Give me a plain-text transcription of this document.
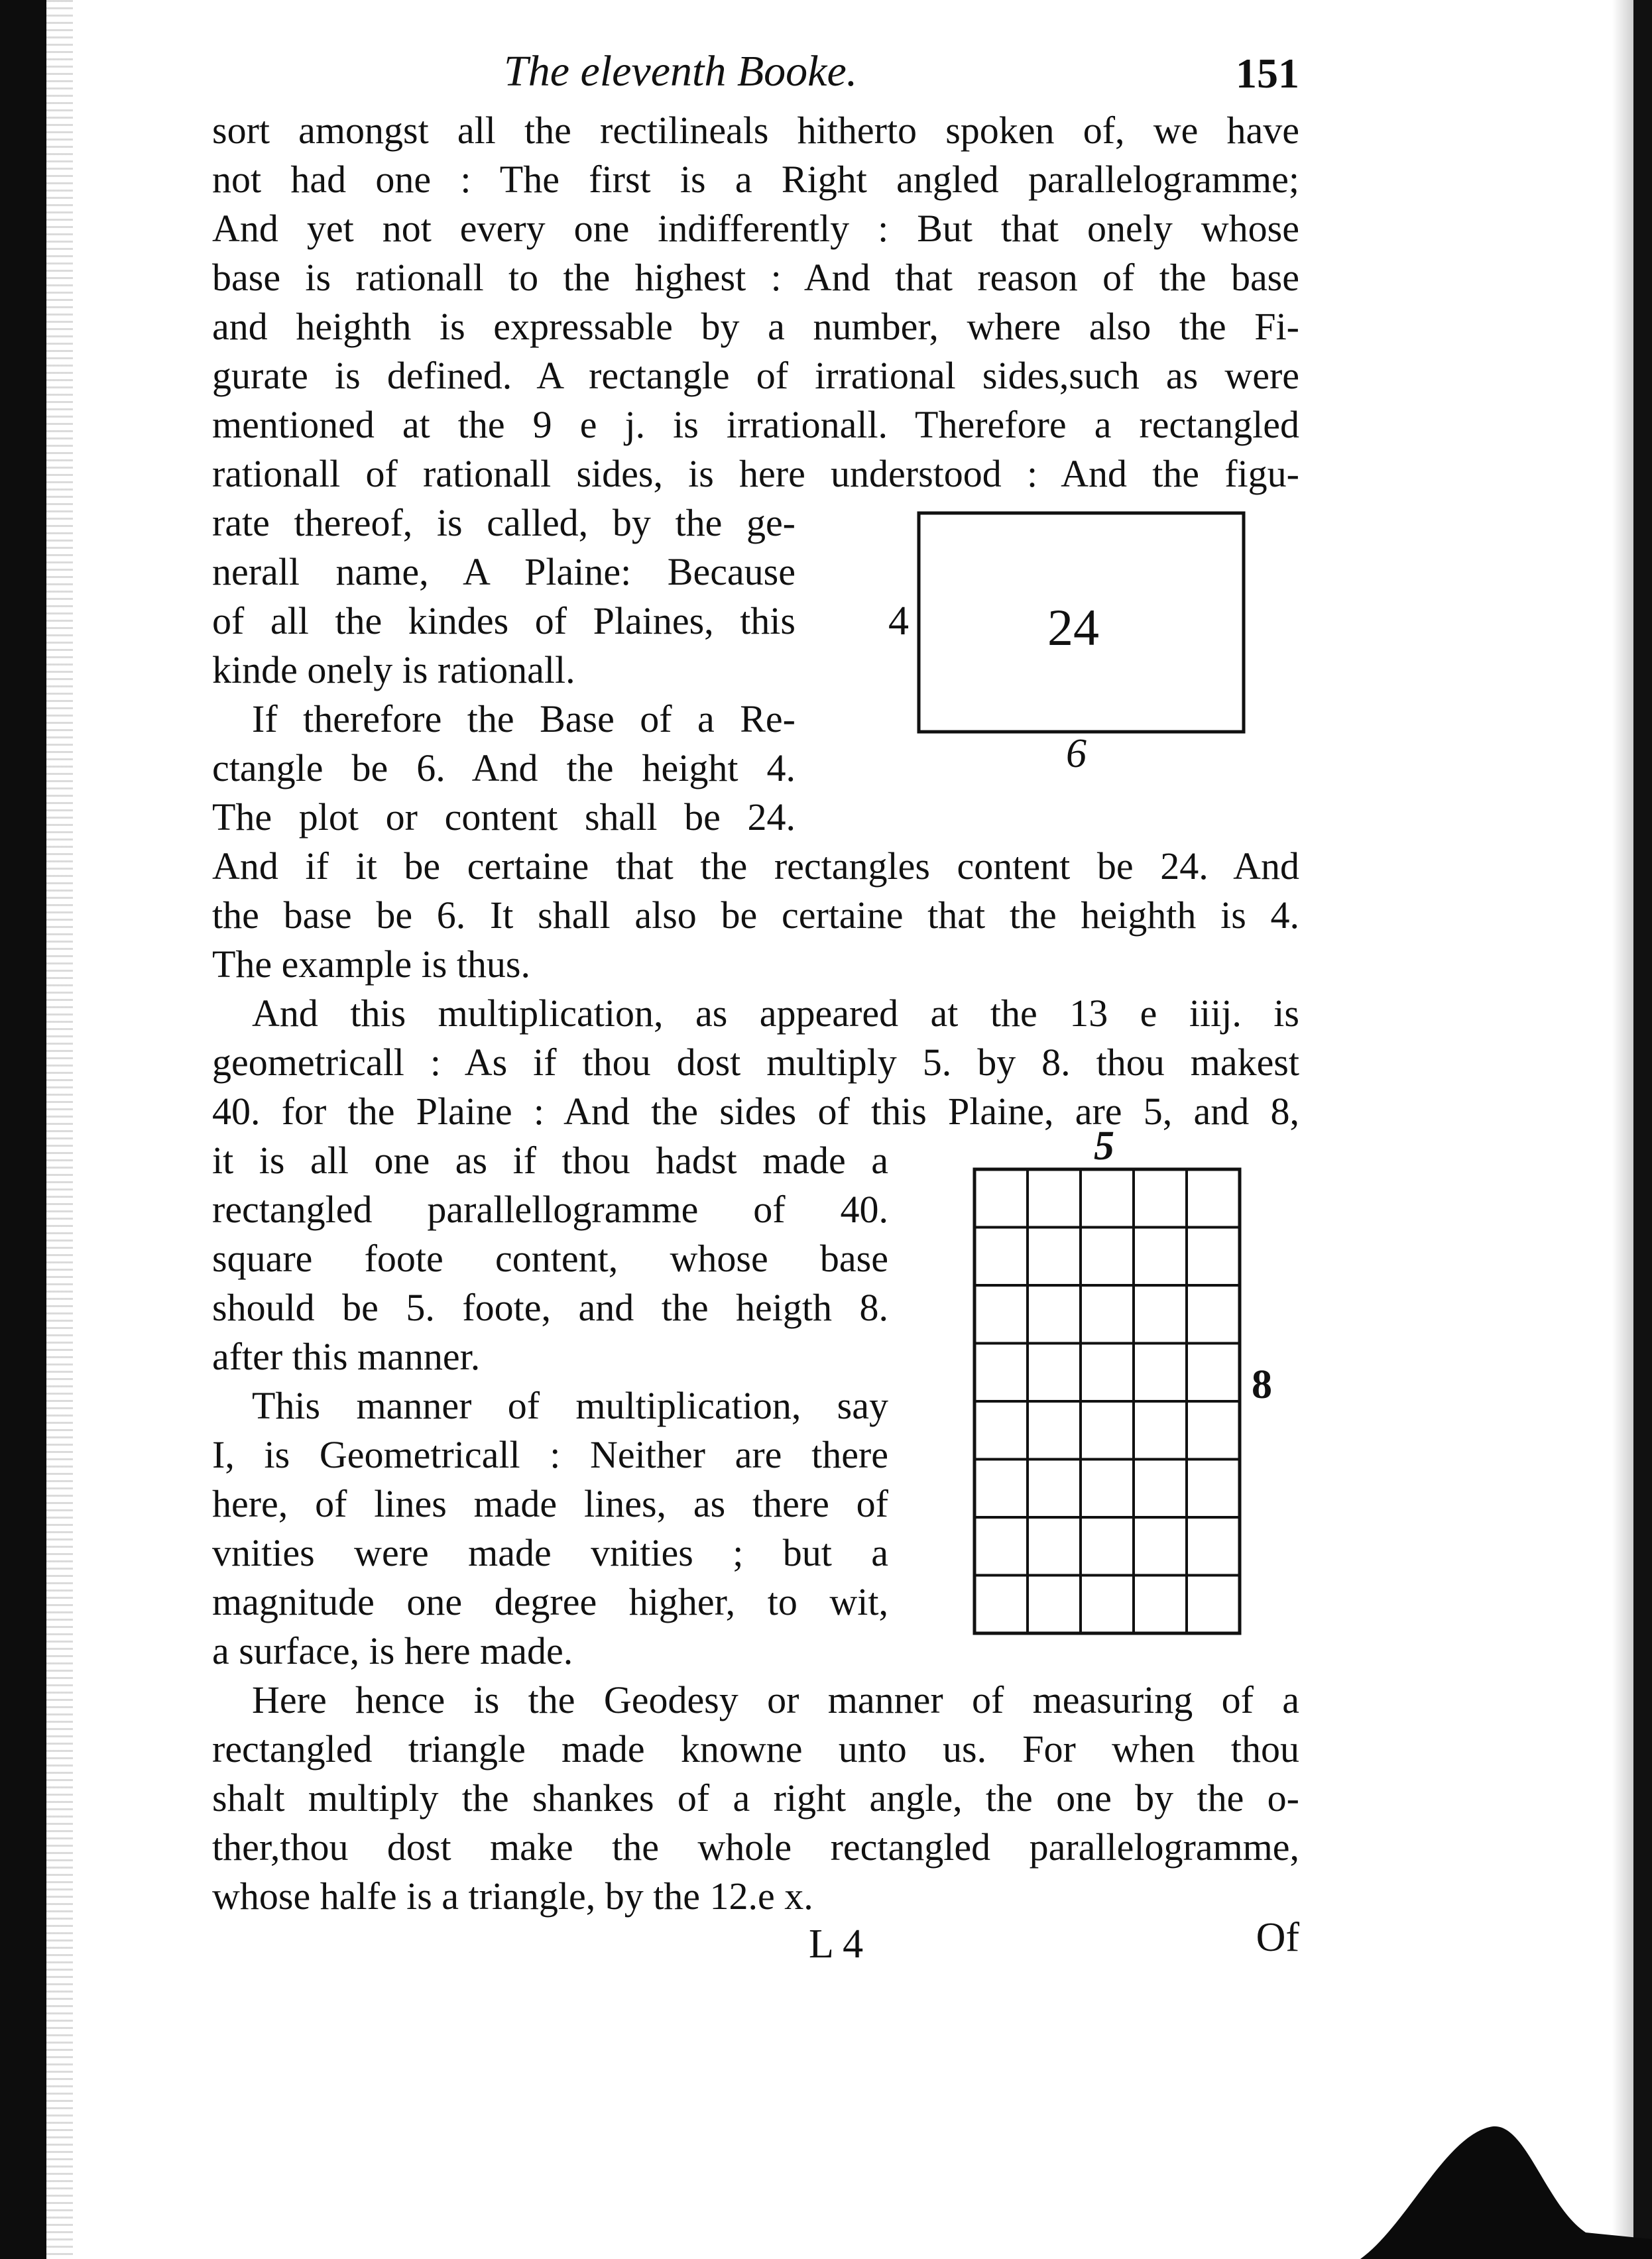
The eleventh Booke.	151
sort amongst all the rectilineals hitherto spoken of, we have
not had one : The first is a Right angled parallelogramme;
And yet not every one indifferently : But that onely whose
base is rationall to the highest : And that reason of the base
and heighth is expressable by a number, where also the Fi-
gurate is defined. A rectangle of irrational sides,such as were
mentioned at the 9 e j. is irrationall. Therefore a rectangled
rationall of rationall sides, is here understood : And the figu-
rate thereof, is called, by the ge-
nerall name, A Plaine: Because
of all the kindes of Plaines, this
kinde onely is rationall.
If therefore the Base of a Re-
ctangle be 6. And the height 4.
The plot or content shall be 24.
4	24
6
And if it be certaine that the rectangles content be 24. And
the base be 6. It shall also be certaine that the heighth is 4.
The example is thus.
And this multiplication, as appeared at the 13 e iiij. is
geometricall : As if thou dost multiply 5. by 8. thou makest
40. for the Plaine : And the sides of this Plaine, are 5, and 8,
it is all one as if thou hadst made a
rectangled parallellogramme of 40.
square foote content, whose base
should be 5. foote, and the heigth 8.
after this manner.
This manner of multiplication, say
I, is Geometricall : Neither are there
here, of lines made lines, as there of
vnities were made vnities ; but a
magnitude one degree higher, to wit,
a surface, is here made.
5
8
Here hence is the Geodesy or manner of measuring of a
rectangled triangle made knowne unto us. For when thou
shalt multiply the shankes of a right angle, the one by the o-
ther,thou dost make the whole rectangled parallelogramme,
whose halfe is a triangle, by the 12.e x.
L 4	Of
